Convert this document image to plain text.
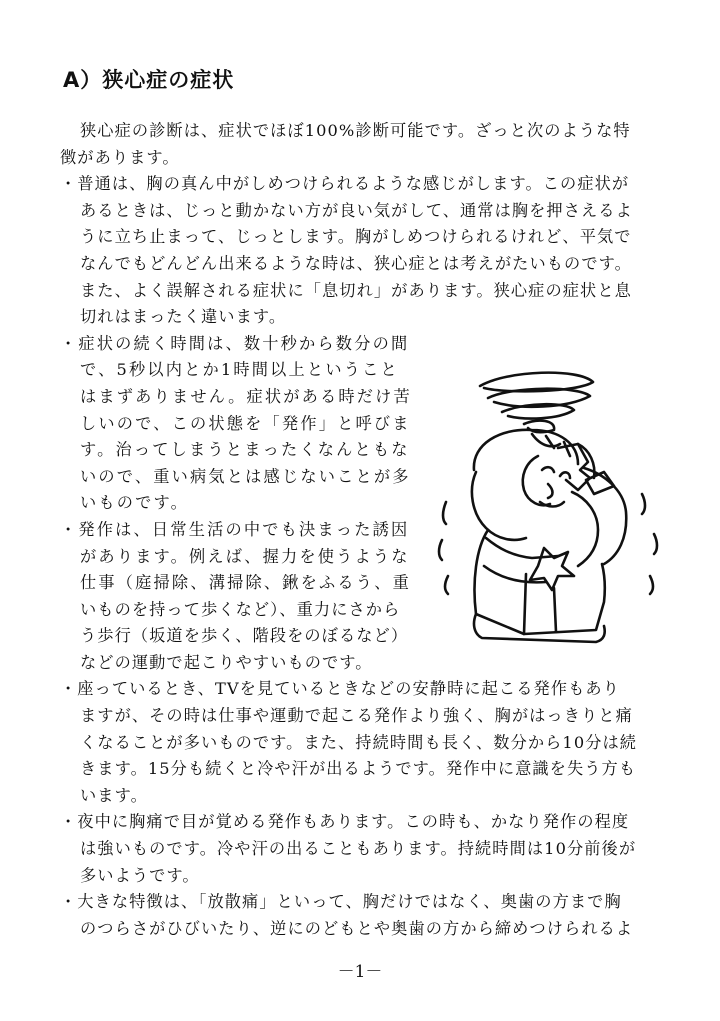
A）狭心症の症状
狭心症の診断は、症状でほぼ100%診断可能です。ざっと次のような特
徴があります。
・普通は、胸の真ん中がしめつけられるような感じがします。この症状が
あるときは、じっと動かない方が良い気がして、通常は胸を押さえるよ
うに立ち止まって、じっとします。胸がしめつけられるけれど、平気で
なんでもどんどん出来るような時は、狭心症とは考えがたいものです。
また、よく誤解される症状に「息切れ」があります。狭心症の症状と息
切れはまったく違います。
・症状の続く時間は、数十秒から数分の間
で、5秒以内とか1時間以上ということ
はまずありません。症状がある時だけ苦
しいので、この状態を「発作」と呼びま
す。治ってしまうとまったくなんともな
いので、重い病気とは感じないことが多
いものです。
・発作は、日常生活の中でも決まった誘因
があります。例えば、握力を使うような
仕事（庭掃除、溝掃除、鍬をふるう、重
いものを持って歩くなど）、重力にさから
う歩行（坂道を歩く、階段をのぼるなど）
などの運動で起こりやすいものです。
・座っているとき、TVを見ているときなどの安静時に起こる発作もあり
ますが、その時は仕事や運動で起こる発作より強く、胸がはっきりと痛
くなることが多いものです。また、持続時間も長く、数分から10分は続
きます。15分も続くと冷や汗が出るようです。発作中に意識を失う方も
います。
・夜中に胸痛で目が覚める発作もあります。この時も、かなり発作の程度
は強いものです。冷や汗の出ることもあります。持続時間は10分前後が
多いようです。
・大きな特徴は、「放散痛」といって、胸だけではなく、奥歯の方まで胸
のつらさがひびいたり、逆にのどもとや奥歯の方から締めつけられるよ
－1－
